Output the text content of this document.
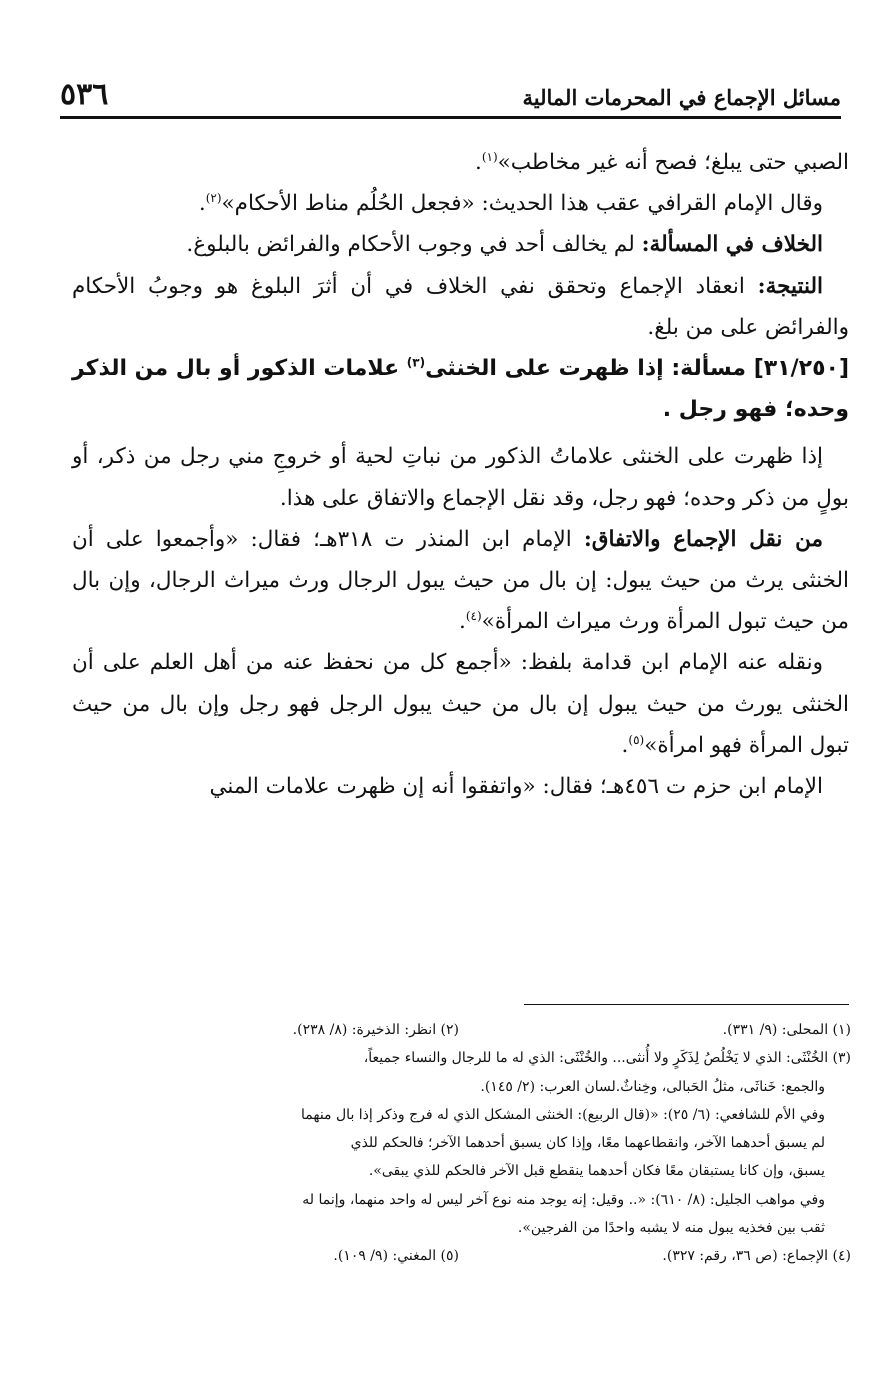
مسائل الإجماع في المحرمات المالية
٥٣٦

الصبي حتى يبلغ؛ فصح أنه غير مخاطب»$^{(١)}$.

وقال الإمام القرافي عقب هذا الحديث: «فجعل الحُلُم مناط الأحكام»$^{(٢)}$.

الخلاف في المسألة: لم يخالف أحد في وجوب الأحكام والفرائض بالبلوغ.

النتيجة: انعقاد الإجماع وتحقق نفي الخلاف في أن أثرَ البلوغ هو وجوبُ الأحكام والفرائض على من بلغ.

[٣١/٢٥٠] مسألة: إذا ظهرت على الخنثى$^{(٣)}$ علامات الذكور أو بال من الذكر وحده؛ فهو رجل .

إذا ظهرت على الخنثى علاماتُ الذكور من نباتِ لحية أو خروجِ مني رجل من ذكر، أو بولٍ من ذكر وحده؛ فهو رجل، وقد نقل الإجماع والاتفاق على هذا.

من نقل الإجماع والاتفاق: الإمام ابن المنذر ت ٣١٨هـ؛ فقال: «وأجمعوا على أن الخنثى يرث من حيث يبول: إن بال من حيث يبول الرجال ورث ميراث الرجال، وإن بال من حيث تبول المرأة ورث ميراث المرأة»$^{(٤)}$.

ونقله عنه الإمام ابن قدامة بلفظ: «أجمع كل من نحفظ عنه من أهل العلم على أن الخنثى يورث من حيث يبول إن بال من حيث يبول الرجل فهو رجل وإن بال من حيث تبول المرأة فهو امرأة»$^{(٥)}$.

الإمام ابن حزم ت ٤٥٦هـ؛ فقال: «واتفقوا أنه إن ظهرت علامات المني

(١) المحلى: (٩/ ٣٣١).
(٢) انظر: الذخيرة: (٨/ ٢٣٨).

(٣) الخُنْثَى: الذي لا يَخْلُصُ لِذَكَرٍ ولا أُنثى... والخُنْثَى: الذي له ما للرجال والنساء جميعاً،

والجمع: خَناثَى، مثلُ الحَبالى، وخِناثٌ.لسان العرب: (٢/ ١٤٥).

وفي الأم للشافعي: (٦/ ٢٥): «(قال الربيع): الخنثى المشكل الذي له فرج وذكر إذا بال منهما

لم يسبق أحدهما الآخر، وانقطاعهما معًا، وإذا كان يسبق أحدهما الآخر؛ فالحكم للذي

يسبق، وإن كانا يستبقان معًا فكان أحدهما ينقطع قبل الآخر فالحكم للذي يبقى».

وفي مواهب الجليل: (٨/ ٦١٠): «.. وقيل: إنه يوجد منه نوع آخر ليس له واحد منهما، وإنما له

ثقب بين فخذيه يبول منه لا يشبه واحدًا من الفرجين».

(٤) الإجماع: (ص ٣٦، رقم: ٣٢٧).
(٥) المغني: (٩/ ١٠٩).
